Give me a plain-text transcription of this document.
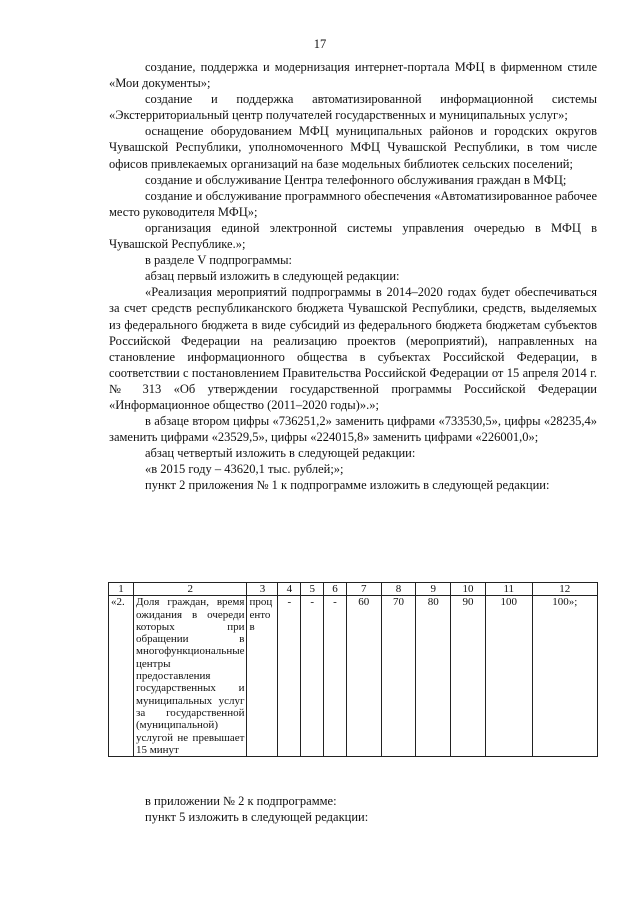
17

создание, поддержка и модернизация интернет-портала МФЦ в фирменном стиле «Мои документы»;

создание и поддержка автоматизированной информационной системы «Экстерриториальный центр получателей государственных и муниципальных услуг»;

оснащение оборудованием МФЦ муниципальных районов и городских округов Чувашской Республики, уполномоченного МФЦ Чувашской Республики, в том числе офисов привлекаемых организаций на базе модельных библиотек сельских поселений;

создание и обслуживание Центра телефонного обслуживания граждан в МФЦ;

создание и обслуживание программного обеспечения «Автоматизированное рабочее место руководителя МФЦ»;

организация единой электронной системы управления очередью в МФЦ в Чувашской Республике.»;

в разделе V подпрограммы:

абзац первый изложить в следующей редакции:

«Реализация мероприятий подпрограммы в 2014–2020 годах будет обеспечиваться за счет средств республиканского бюджета Чувашской Республики, средств, выделяемых из федерального бюджета в виде субсидий из федерального бюджета бюджетам субъектов Российской Федерации на реализацию проектов (мероприятий), направленных на становление информационного общества в субъектах Российской Федерации, в соответствии с постановлением Правительства Российской Федерации от 15 апреля 2014 г. № 313 «Об утверждении государственной программы Российской Федерации «Информационное общество (2011–2020 годы)».»;

в абзаце втором цифры «736251,2» заменить цифрами «733530,5», цифры «28235,4» заменить цифрами «23529,5», цифры «224015,8» заменить цифрами «226001,0»;

абзац четвертый изложить в следующей редакции:

«в 2015 году – 43620,1 тыс. рублей;»;

пункт 2 приложения № 1 к подпрограмме изложить в следующей редакции:

1	2	3	4	5	6	7	8	9	10	11	12
«2.	Доля граждан, время ожидания в очереди которых при обращении в многофункциональные центры предоставления государственных и муниципальных услуг за государственной (муниципальной) услугой не превышает 15 минут	процентов	-	-	-	60	70	80	90	100	100»;

в приложении № 2 к подпрограмме:

пункт 5 изложить в следующей редакции:
